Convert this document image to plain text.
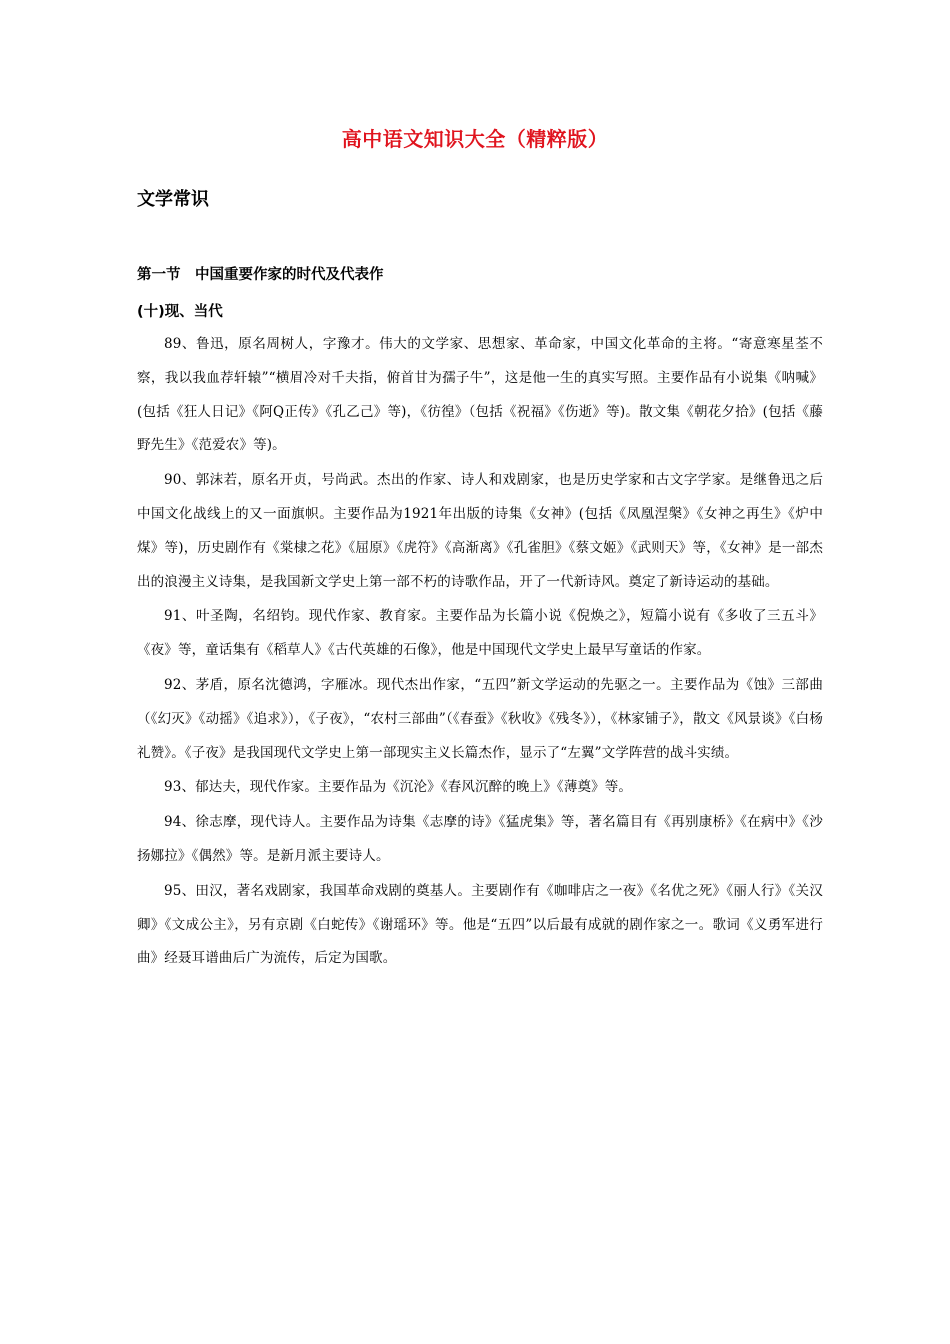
高中语文知识大全（精粹版）
文学常识
第一节　中国重要作家的时代及代表作
(十)现、当代

89、鲁迅，原名周树人，字豫才。伟大的文学家、思想家、革命家，中国文化革命的主将。“寄意寒星荃不察，我以我血荐轩辕”“横眉冷对千夫指，俯首甘为孺子牛”，这是他一生的真实写照。主要作品有小说集《呐喊》(包括《狂人日记》《阿Q正传》《孔乙己》等)，《彷徨》（包括《祝福》《伤逝》等)。散文集《朝花夕拾》(包括《藤野先生》《范爱农》等)。

90、郭沫若，原名开贞，号尚武。杰出的作家、诗人和戏剧家，也是历史学家和古文字学家。是继鲁迅之后中国文化战线上的又一面旗帜。主要作品为1921年出版的诗集《女神》(包括《凤凰涅槃》《女神之再生》《炉中煤》等)，历史剧作有《棠棣之花》《屈原》《虎符》《高渐离》《孔雀胆》《蔡文姬》《武则天》等，《女神》是一部杰出的浪漫主义诗集，是我国新文学史上第一部不朽的诗歌作品，开了一代新诗风。奠定了新诗运动的基础。

91、叶圣陶，名绍钧。现代作家、教育家。主要作品为长篇小说《倪焕之》，短篇小说有《多收了三五斗》《夜》等，童话集有《稻草人》《古代英雄的石像》，他是中国现代文学史上最早写童话的作家。

92、茅盾，原名沈德鸿，字雁冰。现代杰出作家，“五四”新文学运动的先驱之一。主要作品为《蚀》三部曲（《幻灭》《动摇》《追求》），《子夜》，“农村三部曲”（《春蚕》《秋收》《残冬》），《林家铺子》，散文《风景谈》《白杨礼赞》。《子夜》是我国现代文学史上第一部现实主义长篇杰作，显示了“左翼”文学阵营的战斗实绩。

93、郁达夫，现代作家。主要作品为《沉沦》《春风沉醉的晚上》《薄奠》等。

94、徐志摩，现代诗人。主要作品为诗集《志摩的诗》《猛虎集》等，著名篇目有《再别康桥》《在病中》《沙扬娜拉》《偶然》等。是新月派主要诗人。

95、田汉，著名戏剧家，我国革命戏剧的奠基人。主要剧作有《咖啡店之一夜》《名优之死》《丽人行》《关汉卿》《文成公主》，另有京剧《白蛇传》《谢瑶环》等。他是“五四”以后最有成就的剧作家之一。歌词《义勇军进行曲》经聂耳谱曲后广为流传，后定为国歌。
